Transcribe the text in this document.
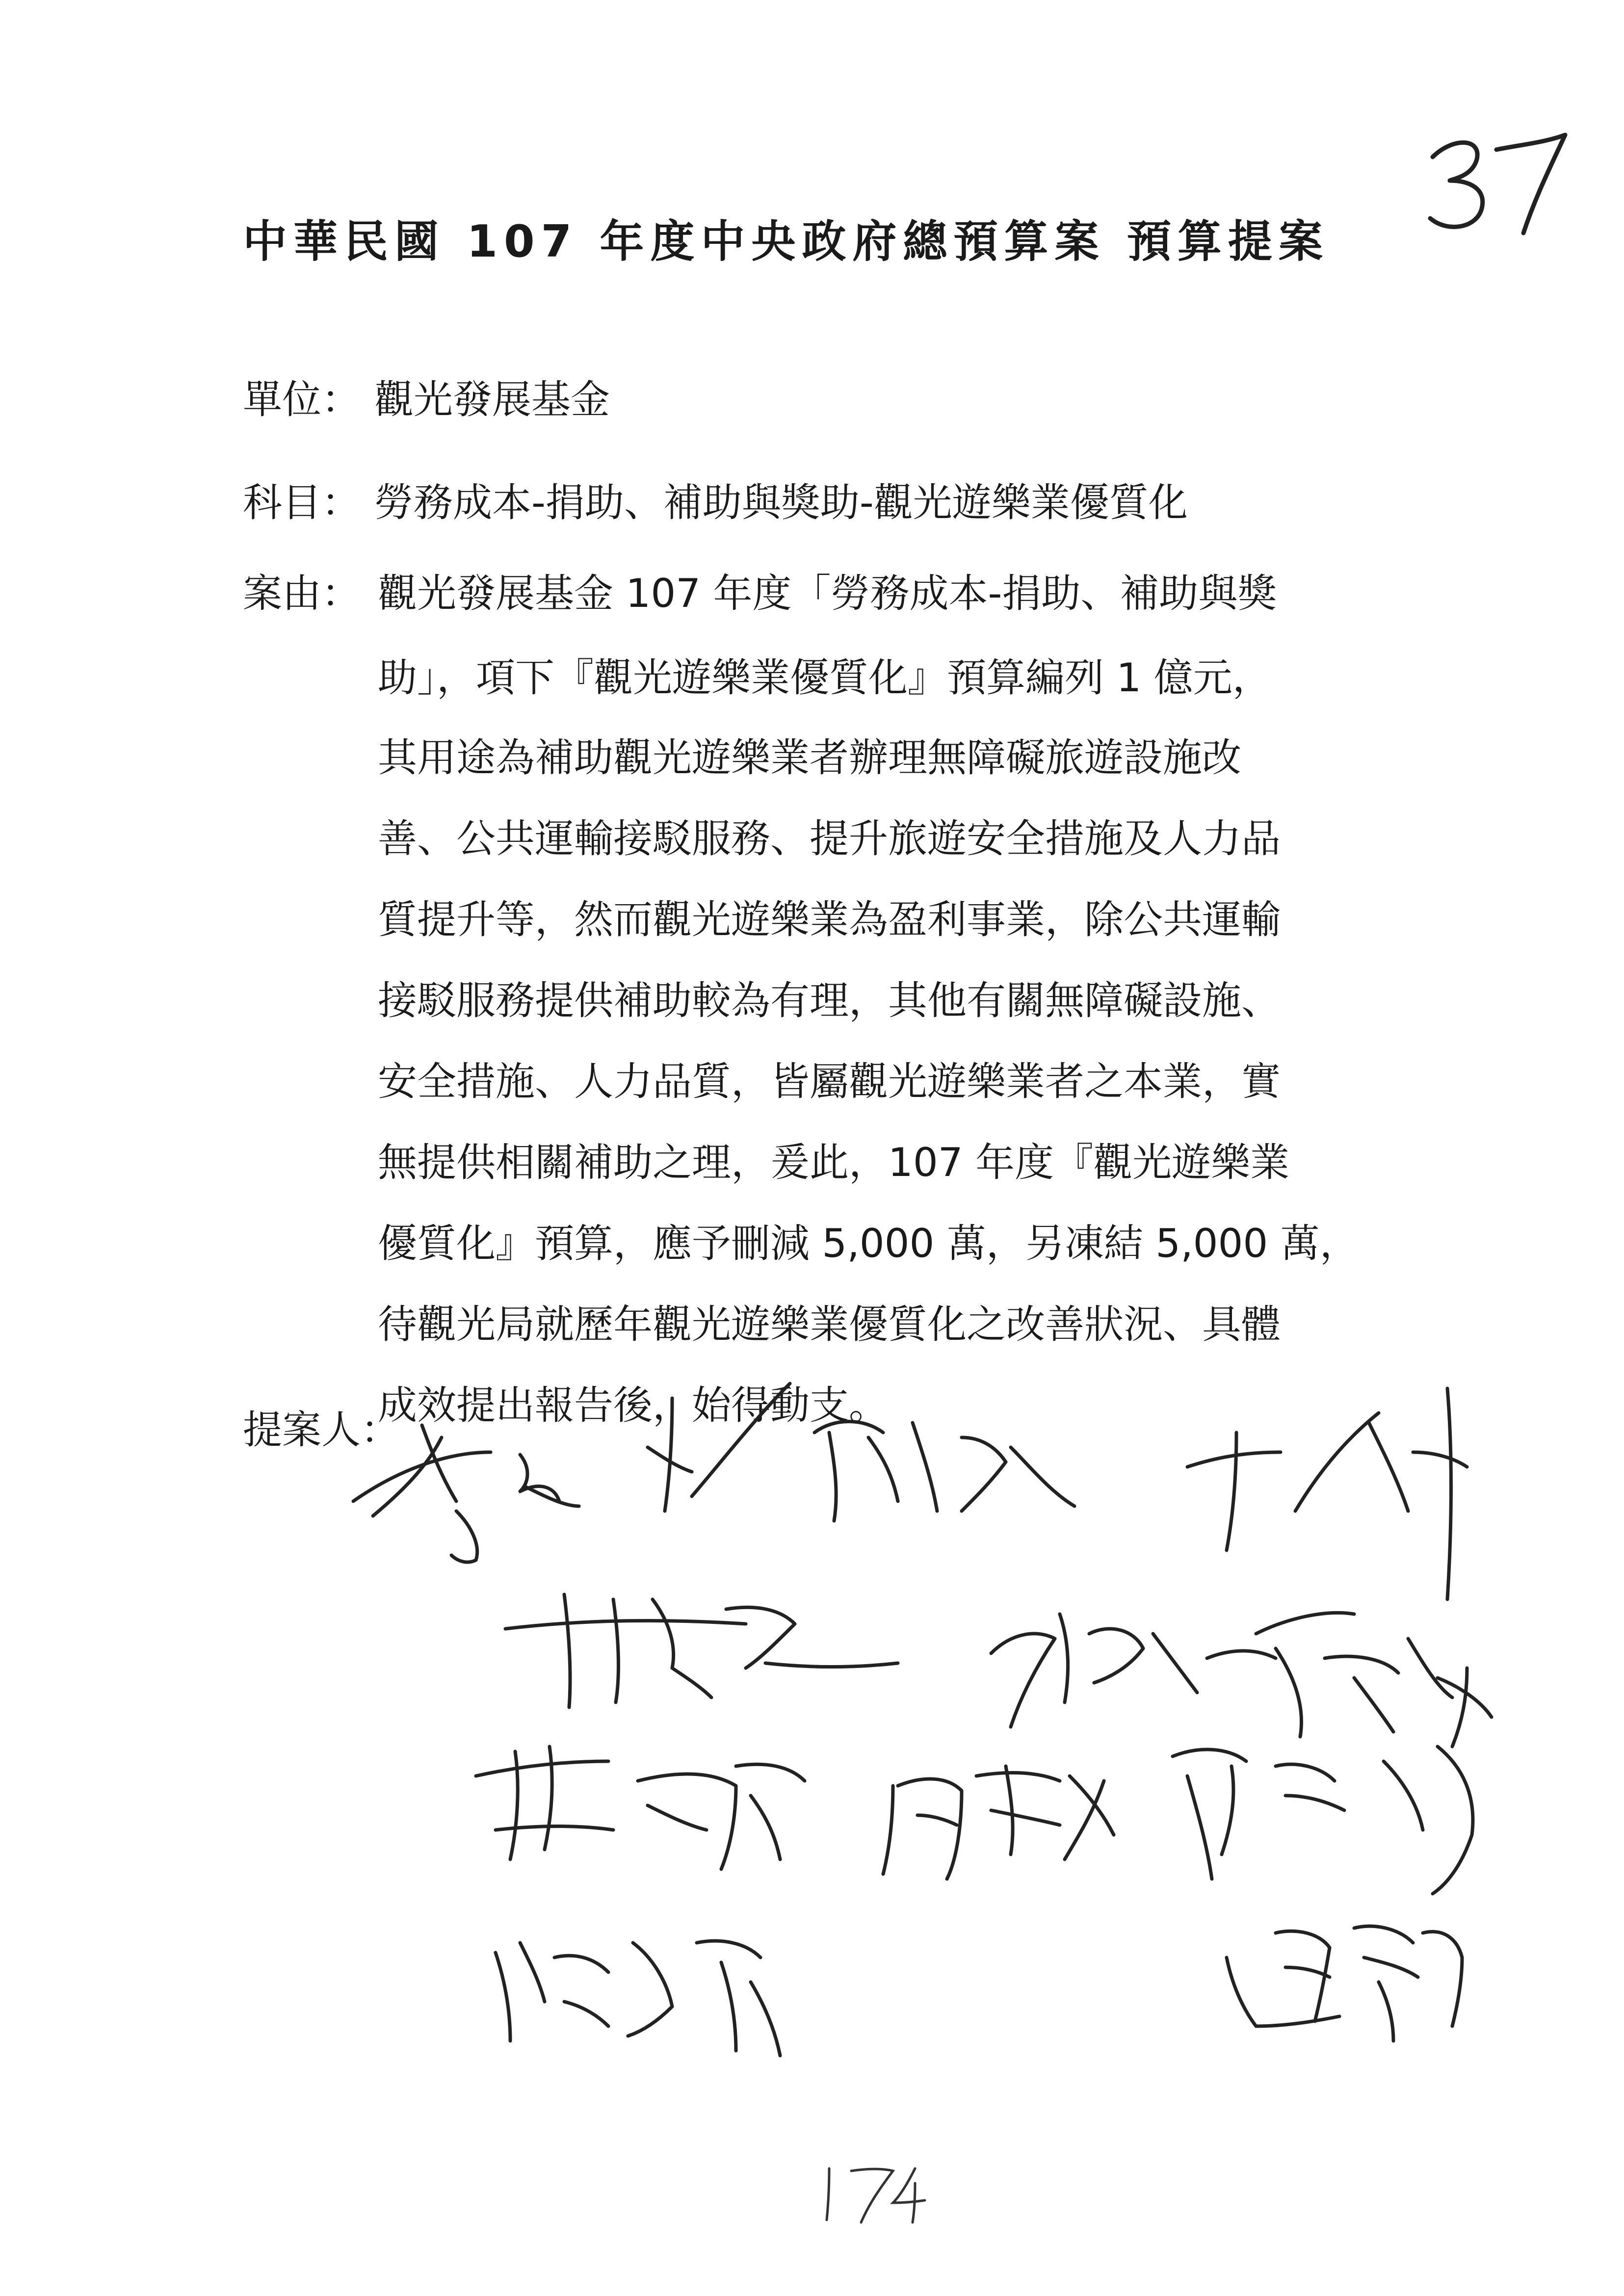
中華民國 107 年度中央政府總預算案 預算提案
單位： 觀光發展基金
科目： 勞務成本-捐助、補助與獎助-觀光遊樂業優質化
案由： 觀光發展基金 107 年度「勞務成本-捐助、補助與獎
助」，項下『觀光遊樂業優質化』預算編列 1 億元，
其用途為補助觀光遊樂業者辦理無障礙旅遊設施改
善、公共運輸接駁服務、提升旅遊安全措施及人力品
質提升等，然而觀光遊樂業為盈利事業，除公共運輸
接駁服務提供補助較為有理，其他有關無障礙設施、
安全措施、人力品質，皆屬觀光遊樂業者之本業，實
無提供相關補助之理，爰此，107 年度『觀光遊樂業
優質化』預算，應予刪減 5,000 萬，另凍結 5,000 萬，
待觀光局就歷年觀光遊樂業優質化之改善狀況、具體
成效提出報告後，始得動支。
提案人：
